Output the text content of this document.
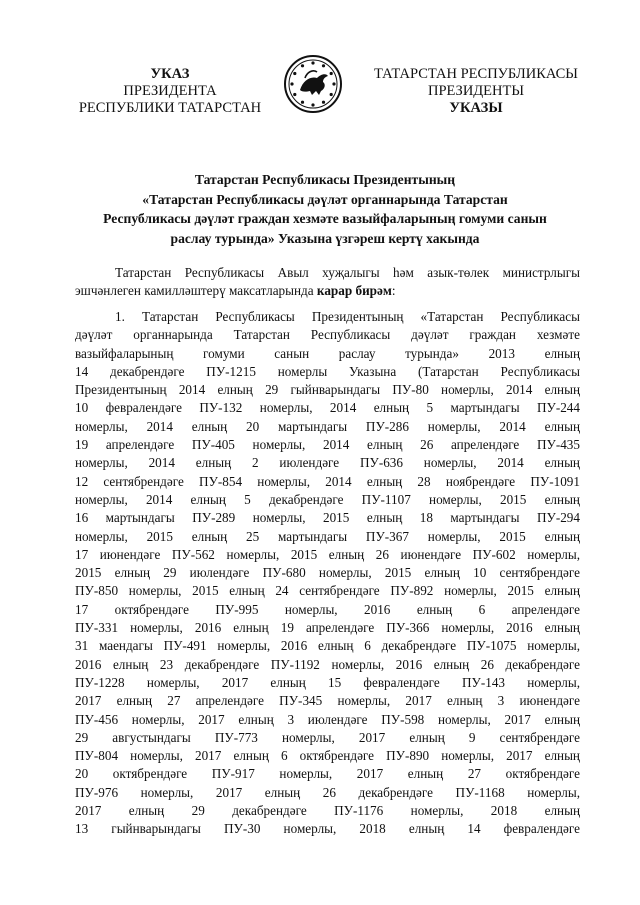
УКАЗ
ПРЕЗИДЕНТА
РЕСПУБЛИКИ ТАТАРСТАН
ТАТАРСТАН РЕСПУБЛИКАСЫ
ПРЕЗИДЕНТЫ
УКАЗЫ
Татарстан Республикасы Президентының
«Татарстан Республикасы дәүләт органнарында Татарстан
Республикасы дәүләт граждан хезмәте вазыйфаларының гомуми санын
раслау турында» Указына үзгәреш кертү хакында
Татарстан Республикасы Авыл хуҗалыгы һәм азык-төлек министрлыгы
эшчәнлеген камилләштерү максатларында карар бирәм:
1. Татарстан Республикасы Президентының «Татарстан Республикасы
дәүләт органнарында Татарстан Республикасы дәүләт граждан хезмәте
вазыйфаларының гомуми санын раслау турында» 2013 елның
14 декабрендәге ПУ-1215 номерлы Указына (Татарстан Республикасы
Президентының 2014 елның 29 гыйнварындагы ПУ-80 номерлы, 2014 елның
10 февралендәге ПУ-132 номерлы, 2014 елның 5 мартындагы ПУ-244
номерлы, 2014 елның 20 мартындагы ПУ-286 номерлы, 2014 елның
19 апрелендәге ПУ-405 номерлы, 2014 елның 26 апрелендәге ПУ-435
номерлы, 2014 елның 2 июлендәге ПУ-636 номерлы, 2014 елның
12 сентябрендәге ПУ-854 номерлы, 2014 елның 28 ноябрендәге ПУ-1091
номерлы, 2014 елның 5 декабрендәге ПУ-1107 номерлы, 2015 елның
16 мартындагы ПУ-289 номерлы, 2015 елның 18 мартындагы ПУ-294
номерлы, 2015 елның 25 мартындагы ПУ-367 номерлы, 2015 елның
17 июнендәге ПУ-562 номерлы, 2015 елның 26 июнендәге ПУ-602 номерлы,
2015 елның 29 июлендәге ПУ-680 номерлы, 2015 елның 10 сентябрендәге
ПУ-850 номерлы, 2015 елның 24 сентябрендәге ПУ-892 номерлы, 2015 елның
17 октябрендәге ПУ-995 номерлы, 2016 елның 6 апрелендәге
ПУ-331 номерлы, 2016 елның 19 апрелендәге ПУ-366 номерлы, 2016 елның
31 маендагы ПУ-491 номерлы, 2016 елның 6 декабрендәге ПУ-1075 номерлы,
2016 елның 23 декабрендәге ПУ-1192 номерлы, 2016 елның 26 декабрендәге
ПУ-1228 номерлы, 2017 елның 15 февралендәге ПУ-143 номерлы,
2017 елның 27 апрелендәге ПУ-345 номерлы, 2017 елның 3 июнендәге
ПУ-456 номерлы, 2017 елның 3 июлендәге ПУ-598 номерлы, 2017 елның
29 августындагы ПУ-773 номерлы, 2017 елның 9 сентябрендәге
ПУ-804 номерлы, 2017 елның 6 октябрендәге ПУ-890 номерлы, 2017 елның
20 октябрендәге ПУ-917 номерлы, 2017 елның 27 октябрендәге
ПУ-976 номерлы, 2017 елның 26 декабрендәге ПУ-1168 номерлы,
2017 елның 29 декабрендәге ПУ-1176 номерлы, 2018 елның
13 гыйнварындагы ПУ-30 номерлы, 2018 елның 14 февралендәге
